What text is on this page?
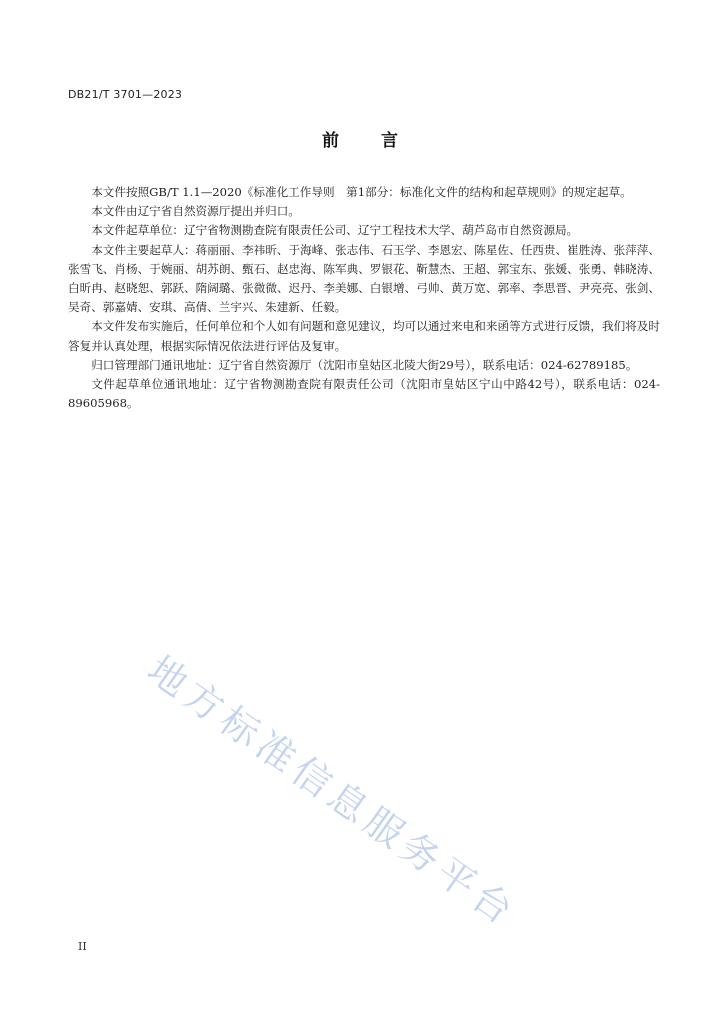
DB21/T 3701—2023
前 言

本文件按照GB/T 1.1—2020《标准化工作导则　第1部分：标准化文件的结构和起草规则》的规定起草。

本文件由辽宁省自然资源厅提出并归口。

本文件起草单位：辽宁省物测勘查院有限责任公司、辽宁工程技术大学、葫芦岛市自然资源局。

本文件主要起草人：蒋丽丽、李祎昕、于海峰、张志伟、石玉学、李恩宏、陈星佐、任西贵、崔胜涛、张萍萍、张雪飞、肖杨、于婉丽、胡苏朗、甄石、赵忠海、陈军典、罗银花、靳慧杰、王超、郭宝东、张媛、张勇、韩晓涛、白昕冉、赵晓恕、郭跃、隋阔璐、张微微、迟丹、李美娜、白银增、弓帅、黄万宽、郭率、李思晋、尹亮亮、张剑、吴奇、郭嘉婧、安琪、高倩、兰宇兴、朱建新、任毅。

本文件发布实施后，任何单位和个人如有问题和意见建议，均可以通过来电和来函等方式进行反馈，我们将及时答复并认真处理，根据实际情况依法进行评估及复审。

归口管理部门通讯地址：辽宁省自然资源厅（沈阳市皇姑区北陵大街29号），联系电话：024-62789185。

文件起草单位通讯地址：辽宁省物测勘查院有限责任公司（沈阳市皇姑区宁山中路42号），联系电话：024-89605968。

地方标准信息服务平台
II
